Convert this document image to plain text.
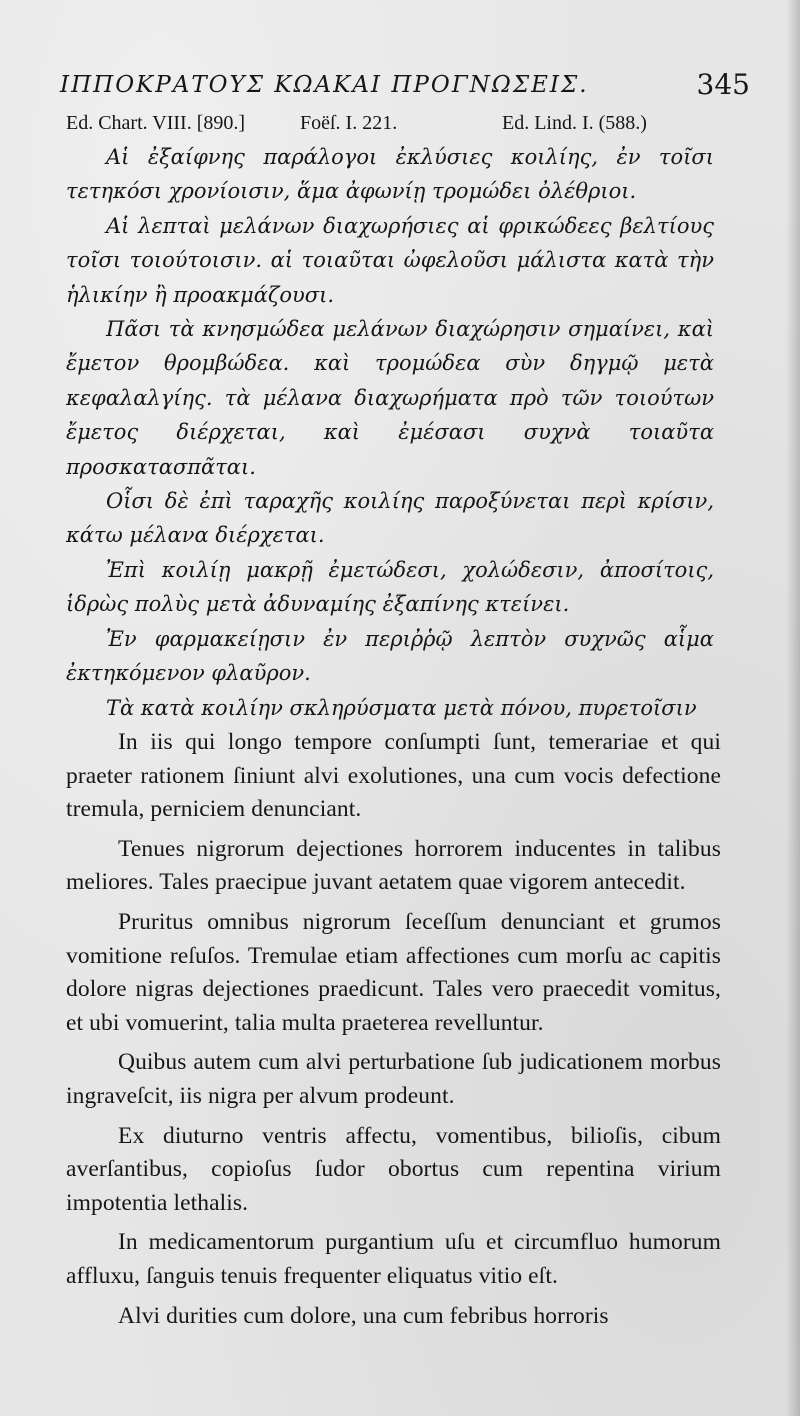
ΙΠΠΟΚΡΑΤΟΥΣ ΚΩΑΚΑΙ ΠΡΟΓΝΩΣΕΙΣ.	345
Ed. Chart. VIII. [890.]	Foëſ. I. 221.	Ed. Lind. I. (588.)

Αἱ ἐξαίφνης παράλογοι ἐκλύσιες κοιλίης, ἐν τοῖσι τετηκόσι χρονίοισιν, ἅμα ἀφωνίῃ τρομώδει ὀλέθριοι.

Αἱ λεπταὶ μελάνων διαχωρήσιες αἱ φρικώδεες βελτίους τοῖσι τοιούτοισιν. αἱ τοιαῦται ὠφελοῦσι μάλιστα κατὰ τὴν ἡλικίην ἢ προακμάζουσι.

Πᾶσι τὰ κνησμώδεα μελάνων διαχώρησιν σημαίνει, καὶ ἔμετον θρομβώδεα. καὶ τρομώδεα σὺν δηγμῷ μετὰ κεφαλαλγίης. τὰ μέλανα διαχωρήματα πρὸ τῶν τοιούτων ἔμετος διέρχεται, καὶ ἐμέσασι συχνὰ τοιαῦτα προσκατασπᾶται.

Οἷσι δὲ ἐπὶ ταραχῆς κοιλίης παροξύνεται περὶ κρίσιν, κάτω μέλανα διέρχεται.

Ἐπὶ κοιλίῃ μακρῇ ἐμετώδεσι, χολώδεσιν, ἀποσίτοις, ἱδρὼς πολὺς μετὰ ἀδυναμίης ἐξαπίνης κτείνει.

Ἐν φαρμακείῃσιν ἐν περιῤῥῷ λεπτὸν συχνῶς αἷμα ἐκτηκόμενον φλαῦρον.

Τὰ κατὰ κοιλίην σκληρύσματα μετὰ πόνου, πυρετοῖσιν

In iis qui longo tempore conſumpti ſunt, temerariae et qui praeter rationem ſiniunt alvi exolutiones, una cum vocis defectione tremula, perniciem denunciant.

Tenues nigrorum dejectiones horrorem inducentes in talibus meliores. Tales praecipue juvant aetatem quae vigorem antecedit.

Pruritus omnibus nigrorum ſeceſſum denunciant et grumos vomitione reſuſos. Tremulae etiam affectiones cum morſu ac capitis dolore nigras dejectiones praedicunt. Tales vero praecedit vomitus, et ubi vomuerint, talia multa praeterea revelluntur.

Quibus autem cum alvi perturbatione ſub judicationem morbus ingraveſcit, iis nigra per alvum prodeunt.

Ex diuturno ventris affectu, vomentibus, bilioſis, cibum averſantibus, copioſus ſudor obortus cum repentina virium impotentia lethalis.

In medicamentorum purgantium uſu et circumfluo humorum affluxu, ſanguis tenuis frequenter eliquatus vitio eſt.

Alvi durities cum dolore, una cum febribus horroris
